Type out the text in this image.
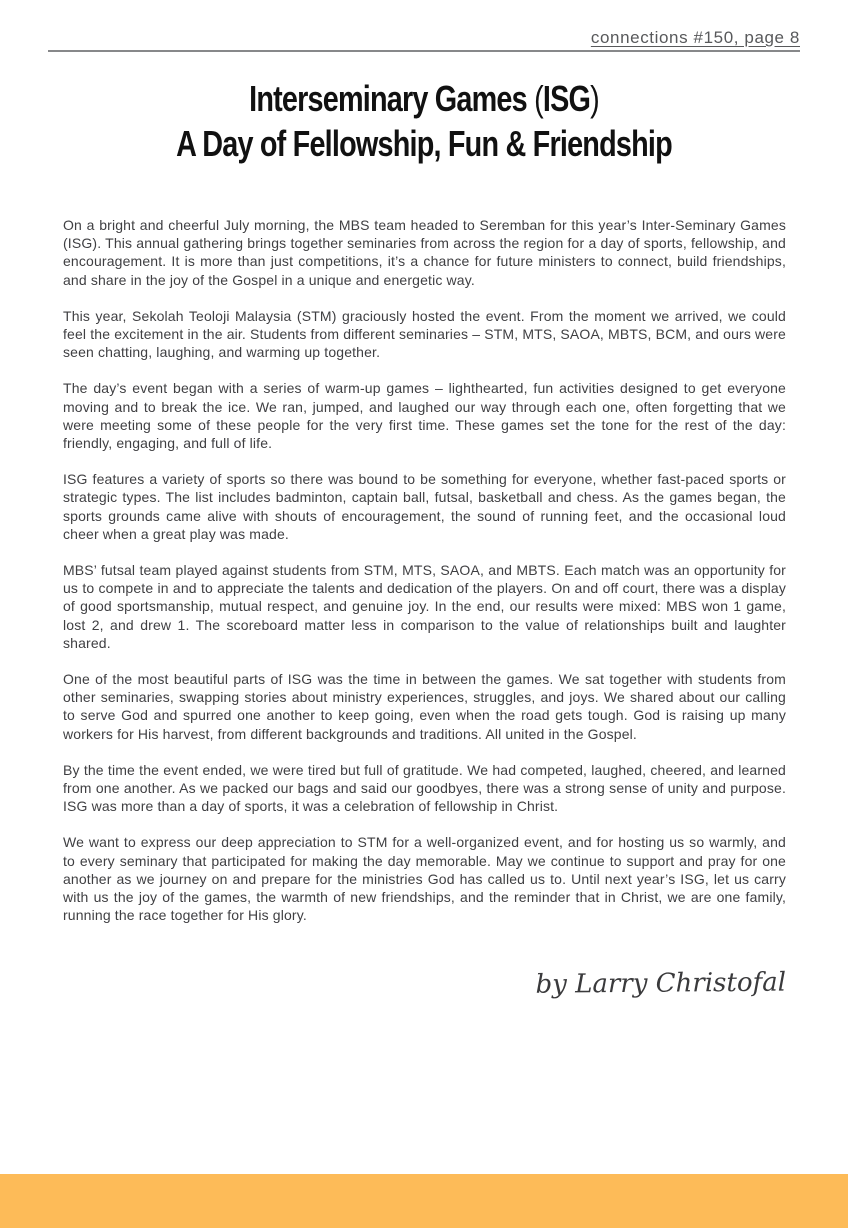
connections #150, page 8
Interseminary Games (ISG)
A Day of Fellowship, Fun & Friendship

On a bright and cheerful July morning, the MBS team headed to Seremban for this year’s Inter-Seminary Games (ISG). This annual gathering brings together seminaries from across the region for a day of sports, fellowship, and encouragement. It is more than just competitions, it’s a chance for future ministers to connect, build friendships, and share in the joy of the Gospel in a unique and energetic way.

This year, Sekolah Teoloji Malaysia (STM) graciously hosted the event. From the moment we arrived, we could feel the excitement in the air. Students from different seminaries – STM, MTS, SAOA, MBTS, BCM, and ours were seen chatting, laughing, and warming up together.

The day’s event began with a series of warm-up games – lighthearted, fun activities designed to get everyone moving and to break the ice. We ran, jumped, and laughed our way through each one, often forgetting that we were meeting some of these people for the very first time. These games set the tone for the rest of the day: friendly, engaging, and full of life.

ISG features a variety of sports so there was bound to be something for everyone, whether fast-paced sports or strategic types. The list includes badminton, captain ball, futsal, basketball and chess. As the games began, the sports grounds came alive with shouts of encouragement, the sound of running feet, and the occasional loud cheer when a great play was made.

MBS’ futsal team played against students from STM, MTS, SAOA, and MBTS. Each match was an opportunity for us to compete in and to appreciate the talents and dedication of the players. On and off court, there was a display of good sportsmanship, mutual respect, and genuine joy. In the end, our results were mixed: MBS won 1 game, lost 2, and drew 1. The scoreboard matter less in comparison to the value of relationships built and laughter shared.

One of the most beautiful parts of ISG was the time in between the games. We sat together with students from other seminaries, swapping stories about ministry experiences, struggles, and joys. We shared about our calling to serve God and spurred one another to keep going, even when the road gets tough. God is raising up many workers for His harvest, from different backgrounds and traditions. All united in the Gospel.

By the time the event ended, we were tired but full of gratitude. We had competed, laughed, cheered, and learned from one another. As we packed our bags and said our goodbyes, there was a strong sense of unity and purpose. ISG was more than a day of sports, it was a celebration of fellowship in Christ.

We want to express our deep appreciation to STM for a well-organized event, and for hosting us so warmly, and to every seminary that participated for making the day memorable. May we continue to support and pray for one another as we journey on and prepare for the ministries God has called us to. Until next year’s ISG, let us carry with us the joy of the games, the warmth of new friendships, and the reminder that in Christ, we are one family, running the race together for His glory.

by Larry Christofal
